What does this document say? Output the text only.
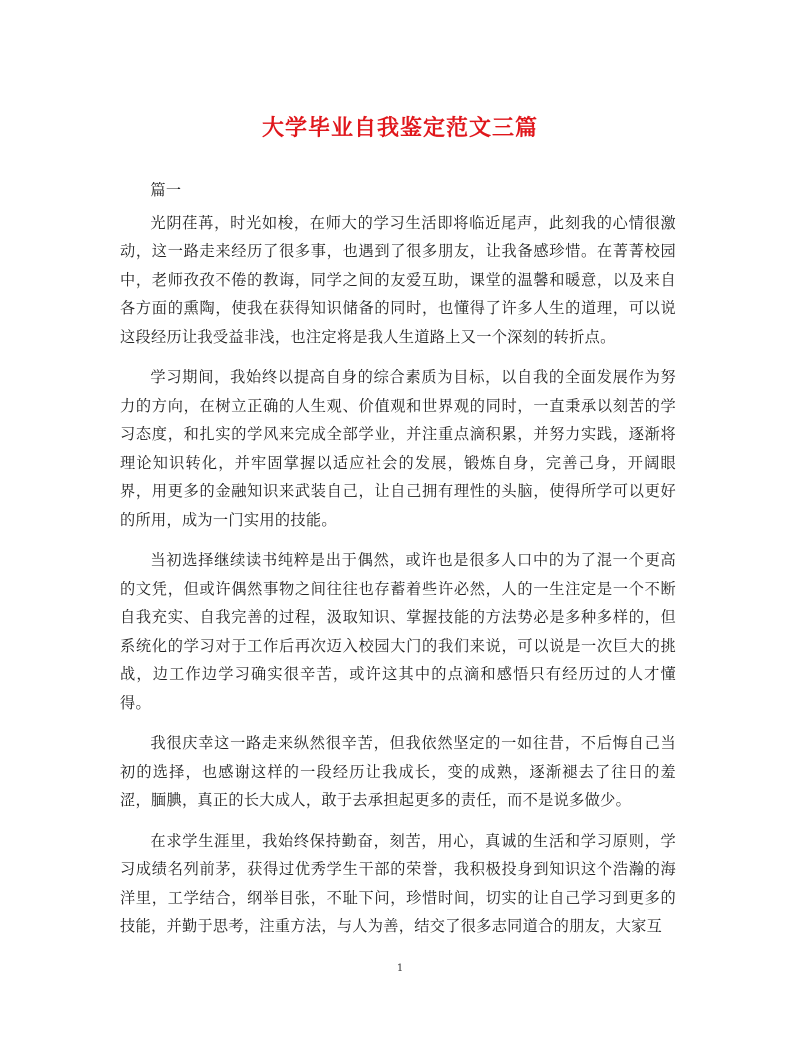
大学毕业自我鉴定范文三篇

篇一

光阴荏苒，时光如梭，在师大的学习生活即将临近尾声，此刻我的心情很激动，这一路走来经历了很多事，也遇到了很多朋友，让我备感珍惜。在菁菁校园中，老师孜孜不倦的教诲，同学之间的友爱互助，课堂的温馨和暖意，以及来自各方面的熏陶，使我在获得知识储备的同时，也懂得了许多人生的道理，可以说这段经历让我受益非浅，也注定将是我人生道路上又一个深刻的转折点。

学习期间，我始终以提高自身的综合素质为目标，以自我的全面发展作为努力的方向，在树立正确的人生观、价值观和世界观的同时，一直秉承以刻苦的学习态度，和扎实的学风来完成全部学业，并注重点滴积累，并努力实践，逐渐将理论知识转化，并牢固掌握以适应社会的发展，锻炼自身，完善己身，开阔眼界，用更多的金融知识来武装自己，让自己拥有理性的头脑，使得所学可以更好的所用，成为一门实用的技能。

当初选择继续读书纯粹是出于偶然，或许也是很多人口中的为了混一个更高的文凭，但或许偶然事物之间往往也存蓄着些许必然，人的一生注定是一个不断自我充实、自我完善的过程，汲取知识、掌握技能的方法势必是多种多样的，但系统化的学习对于工作后再次迈入校园大门的我们来说，可以说是一次巨大的挑战，边工作边学习确实很辛苦，或许这其中的点滴和感悟只有经历过的人才懂得。

我很庆幸这一路走来纵然很辛苦，但我依然坚定的一如往昔，不后悔自己当初的选择，也感谢这样的一段经历让我成长，变的成熟，逐渐褪去了往日的羞涩，腼腆，真正的长大成人，敢于去承担起更多的责任，而不是说多做少。

在求学生涯里，我始终保持勤奋，刻苦，用心，真诚的生活和学习原则，学习成绩名列前茅，获得过优秀学生干部的荣誉，我积极投身到知识这个浩瀚的海洋里，工学结合，纲举目张，不耻下问，珍惜时间，切实的让自己学习到更多的技能，并勤于思考，注重方法，与人为善，结交了很多志同道合的朋友，大家互

1
